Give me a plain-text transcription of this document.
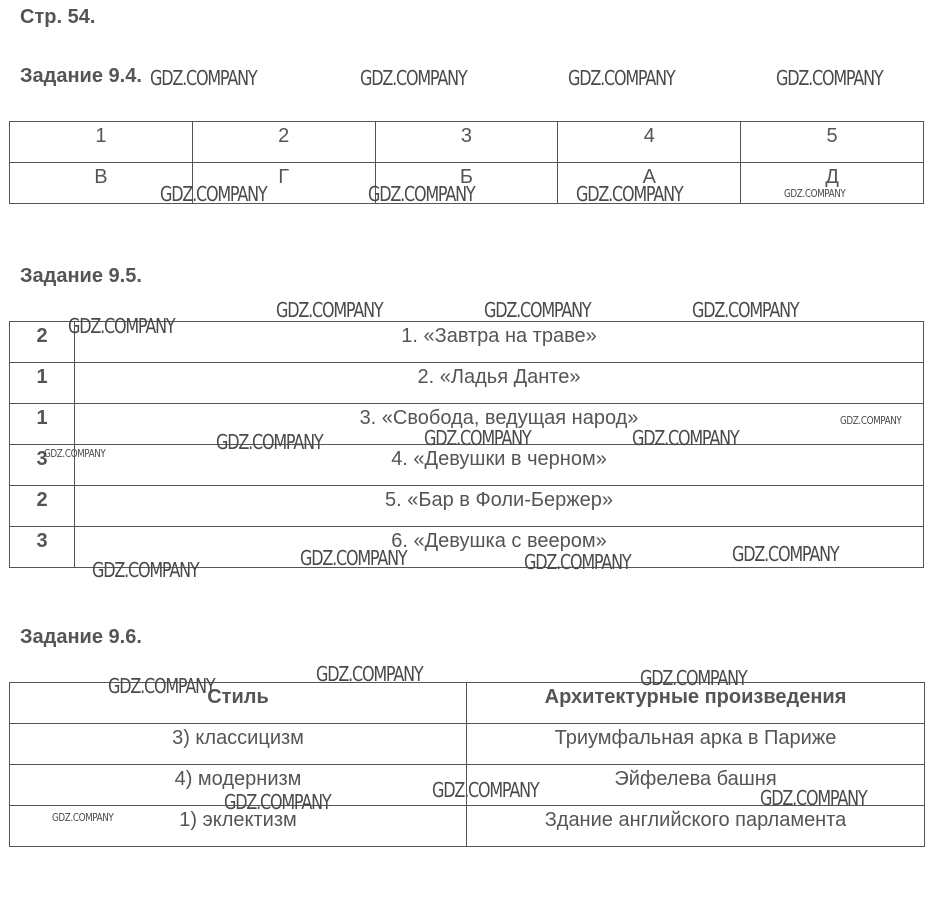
Стр. 54.
Задание 9.4.
1	2	3	4	5
В	Г	Б	А	Д
Задание 9.5.
2	1. «Завтра на траве»
1	2. «Ладья Данте»
1	3. «Свобода, ведущая народ»
3	4. «Девушки в черном»
2	5. «Бар в Фоли-Бержер»
3	6. «Девушка с веером»
Задание 9.6.
Стиль	Архитектурные произведения
3) классицизм	Триумфальная арка в Париже
4) модернизм	Эйфелева башня
1) эклектизм	Здание английского парламента
GDZ.COMPANY	GDZ.COMPANY	GDZ.COMPANY	GDZ.COMPANY
GDZ.COMPANY	GDZ.COMPANY	GDZ.COMPANY	GDZ.COMPANY
GDZ.COMPANY	GDZ.COMPANY	GDZ.COMPANY
GDZ.COMPANY
GDZ.COMPANY
GDZ.COMPANY	GDZ.COMPANY	GDZ.COMPANY
GDZ.COMPANY
GDZ.COMPANY	GDZ.COMPANY	GDZ.COMPANY
GDZ.COMPANY
GDZ.COMPANY	GDZ.COMPANY
GDZ.COMPANY
GDZ.COMPANY	GDZ.COMPANY
GDZ.COMPANY
GDZ.COMPANY
